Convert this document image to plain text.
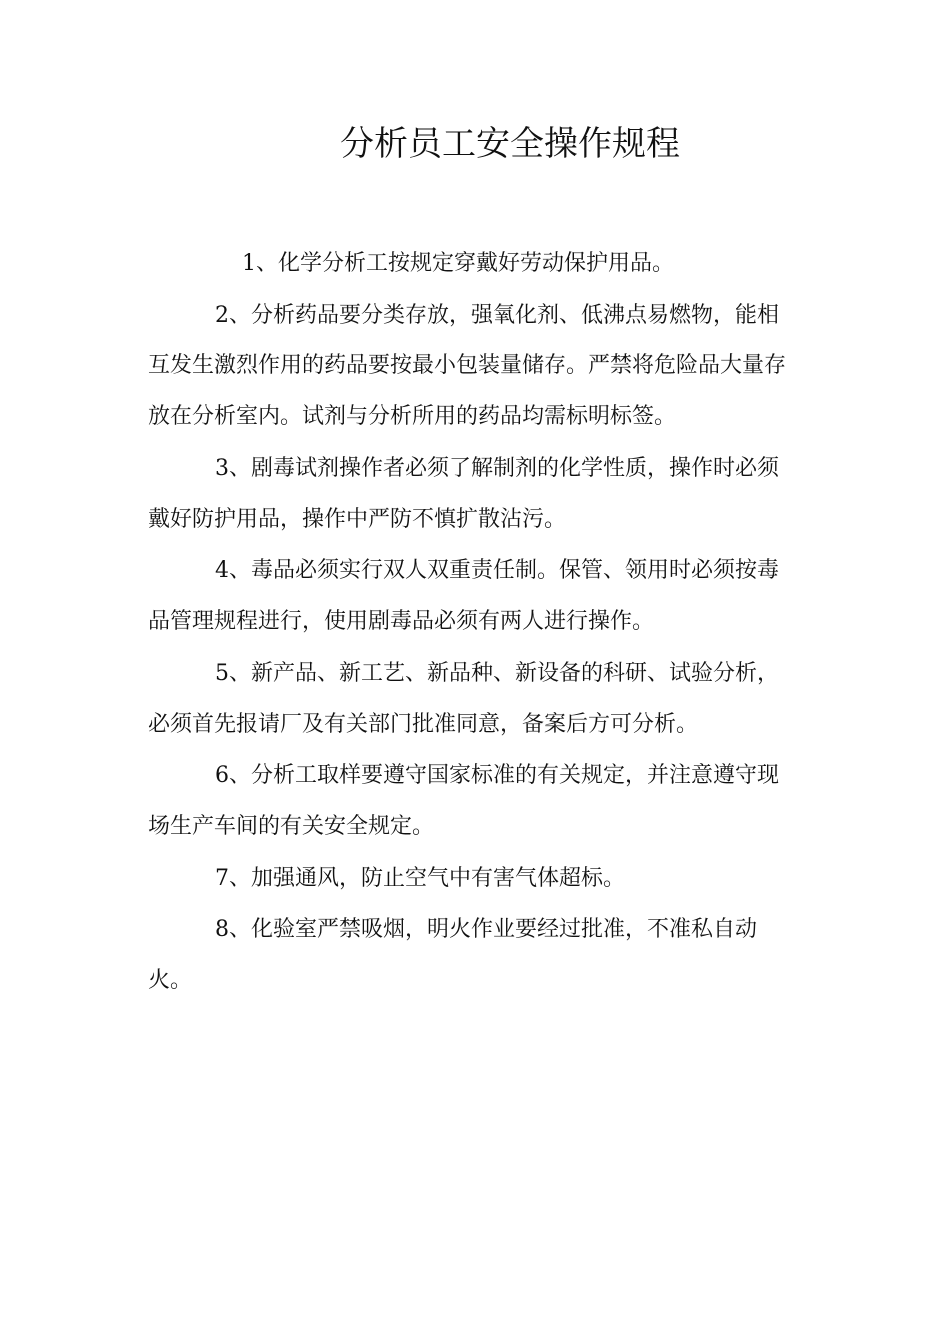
分析员工安全操作规程

1、化学分析工按规定穿戴好劳动保护用品。

2、分析药品要分类存放，强氧化剂、低沸点易燃物，能相

互发生激烈作用的药品要按最小包装量储存。严禁将危险品大量存

放在分析室内。试剂与分析所用的药品均需标明标签。

3、剧毒试剂操作者必须了解制剂的化学性质，操作时必须

戴好防护用品，操作中严防不慎扩散沾污。

4、毒品必须实行双人双重责任制。保管、领用时必须按毒

品管理规程进行，使用剧毒品必须有两人进行操作。

5、新产品、新工艺、新品种、新设备的科研、试验分析，

必须首先报请厂及有关部门批准同意，备案后方可分析。

6、分析工取样要遵守国家标准的有关规定，并注意遵守现

场生产车间的有关安全规定。

7、加强通风，防止空气中有害气体超标。

8、化验室严禁吸烟，明火作业要经过批准，不准私自动

火。
